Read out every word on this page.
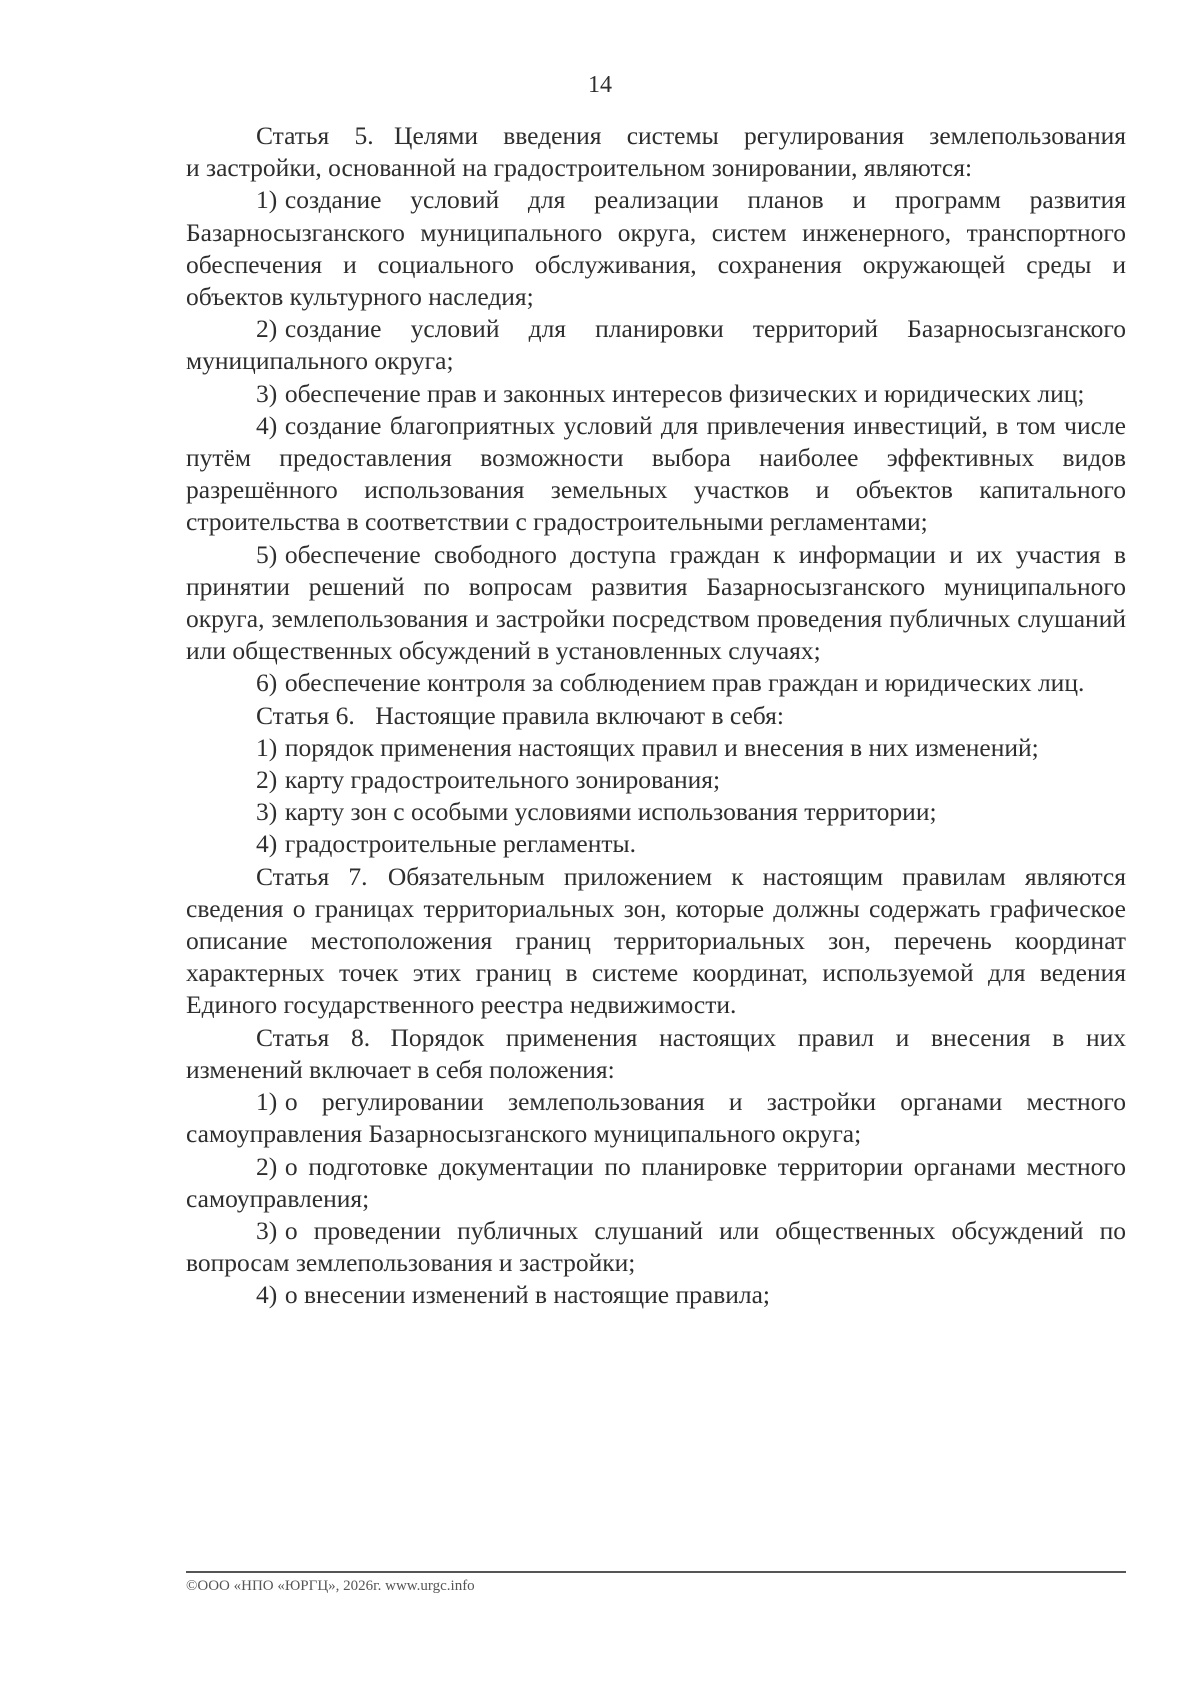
14

Статья 5. Целями введения системы регулирования землепользования

и застройки, основанной на градостроительном зонировании, являются:

1) создание условий для реализации планов и программ развития Базарносызганского муниципального округа, систем инженерного, транспортного обеспечения и социального обслуживания, сохранения окружающей среды и объектов культурного наследия;

2) создание условий для планировки территорий Базарносызганского муниципального округа;

3) обеспечение прав и законных интересов физических и юридических лиц;

4) создание благоприятных условий для привлечения инвестиций, в том числе путём предоставления возможности выбора наиболее эффективных видов разрешённого использования земельных участков и объектов капитального строительства в соответствии с градостроительными регламентами;

5) обеспечение свободного доступа граждан к информации и их участия в принятии решений по вопросам развития Базарносызганского муниципального округа, землепользования и застройки посредством проведения публичных слушаний или общественных обсуждений в установленных случаях;

6) обеспечение контроля за соблюдением прав граждан и юридических лиц.

Статья 6. Настоящие правила включают в себя:

1) порядок применения настоящих правил и внесения в них изменений;

2) карту градостроительного зонирования;

3) карту зон с особыми условиями использования территории;

4) градостроительные регламенты.

Статья 7. Обязательным приложением к настоящим правилам являются сведения о границах территориальных зон, которые должны содержать графическое описание местоположения границ территориальных зон, перечень координат характерных точек этих границ в системе координат, используемой для ведения Единого государственного реестра недвижимости.

Статья 8. Порядок применения настоящих правил и внесения в них изменений включает в себя положения:

1) о регулировании землепользования и застройки органами местного самоуправления Базарносызганского муниципального округа;

2) о подготовке документации по планировке территории органами местного самоуправления;

3) о проведении публичных слушаний или общественных обсуждений по вопросам землепользования и застройки;

4) о внесении изменений в настоящие правила;

©ООО «НПО «ЮРГЦ», 2026г. www.urgc.info
